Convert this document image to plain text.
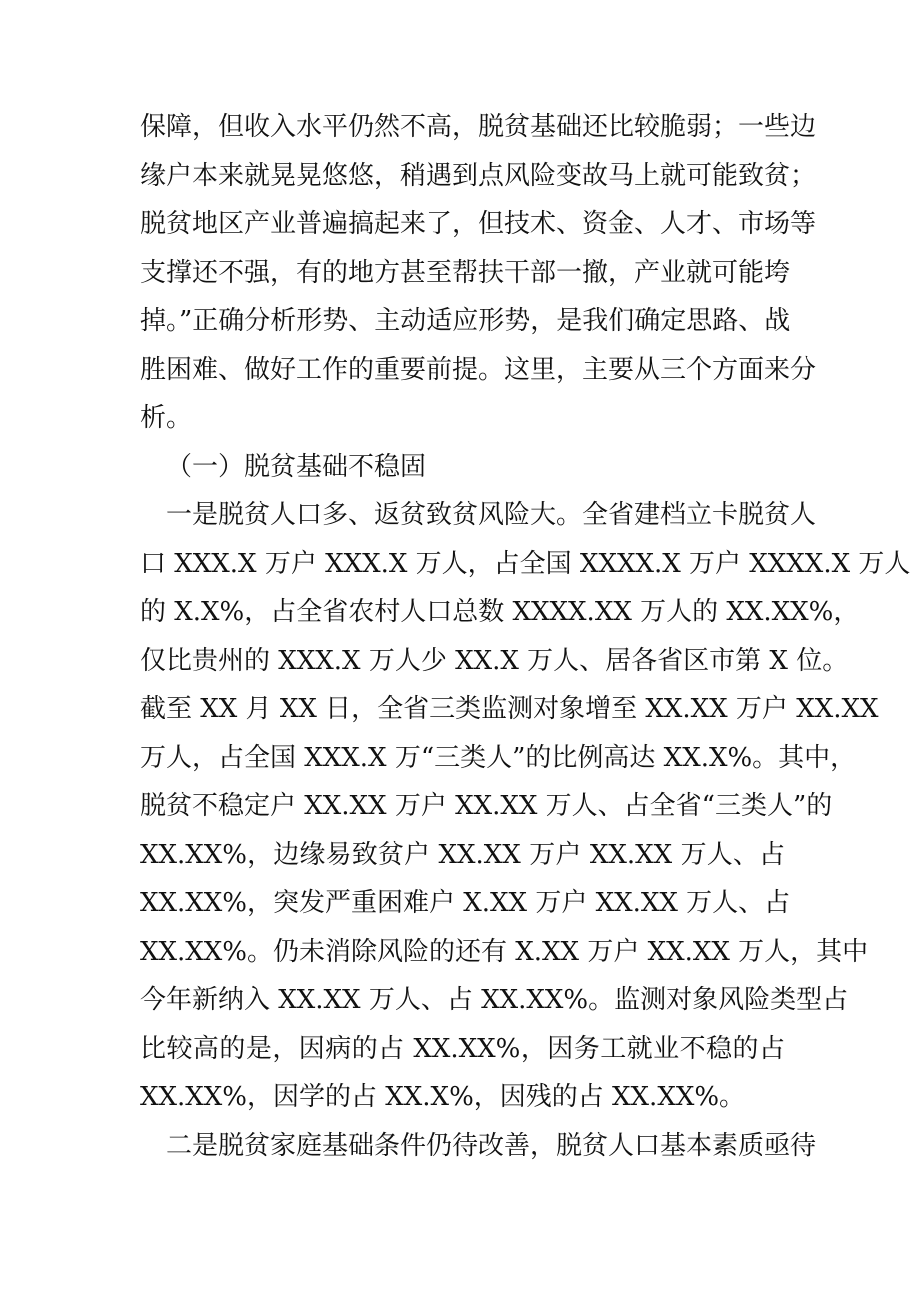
保障，但收入水平仍然不高，脱贫基础还比较脆弱；一些边
缘户本来就晃晃悠悠，稍遇到点风险变故马上就可能致贫；
脱贫地区产业普遍搞起来了，但技术、资金、人才、市场等
支撑还不强，有的地方甚至帮扶干部一撤，产业就可能垮
掉。”正确分析形势、主动适应形势，是我们确定思路、战
胜困难、做好工作的重要前提。这里，主要从三个方面来分
析。
（一）脱贫基础不稳固
一是脱贫人口多、返贫致贫风险大。全省建档立卡脱贫人
口 XXX.X 万户 XXX.X 万人，占全国 XXXX.X 万户 XXXX.X 万人
的 X.X%，占全省农村人口总数 XXXX.XX 万人的 XX.XX%，
仅比贵州的 XXX.X 万人少 XX.X 万人、居各省区市第 X 位。
截至 XX 月 XX 日，全省三类监测对象增至 XX.XX 万户 XX.XX
万人，占全国 XXX.X 万“三类人”的比例高达 XX.X%。其中，
脱贫不稳定户 XX.XX 万户 XX.XX 万人、占全省“三类人”的
XX.XX%，边缘易致贫户 XX.XX 万户 XX.XX 万人、占
XX.XX%，突发严重困难户 X.XX 万户 XX.XX 万人、占
XX.XX%。仍未消除风险的还有 X.XX 万户 XX.XX 万人，其中
今年新纳入 XX.XX 万人、占 XX.XX%。监测对象风险类型占
比较高的是，因病的占 XX.XX%，因务工就业不稳的占
XX.XX%，因学的占 XX.X%，因残的占 XX.XX%。
二是脱贫家庭基础条件仍待改善，脱贫人口基本素质亟待
